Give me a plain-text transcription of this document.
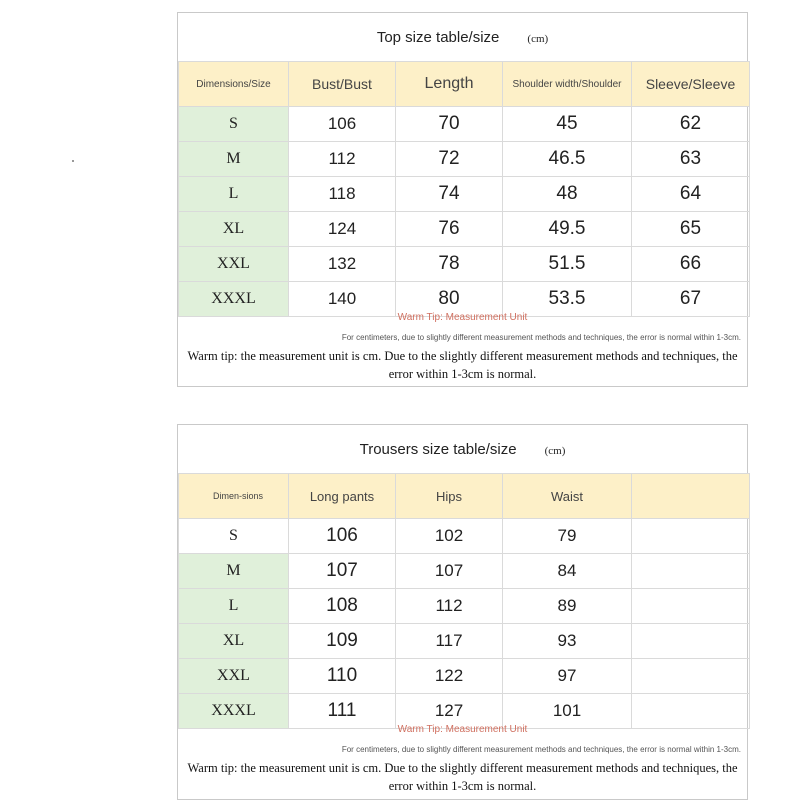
Top size table/size	(cm)
Dimensions/Size	Bust/Bust	Length	Shoulder width/Shoulder	Sleeve/Sleeve
S	106	70	45	62
M	112	72	46.5	63
L	118	74	48	64
XL	124	76	49.5	65
XXL	132	78	51.5	66
XXXL	140	80	53.5	67
Warm Tip: Measurement Unit
For centimeters, due to slightly different measurement methods and techniques, the error is normal within 1-3cm.
Warm tip: the measurement unit is cm. Due to the slightly different measurement methods and techniques, the error within 1-3cm is normal.
Trousers size table/size	(cm)
Dimen-sions	Long pants	Hips	Waist	
S	106	102	79	
M	107	107	84	
L	108	112	89	
XL	109	117	93	
XXL	110	122	97	
XXXL	111	127	101	
Warm Tip: Measurement Unit
For centimeters, due to slightly different measurement methods and techniques, the error is normal within 1-3cm.
Warm tip: the measurement unit is cm. Due to the slightly different measurement methods and techniques, the error within 1-3cm is normal.
